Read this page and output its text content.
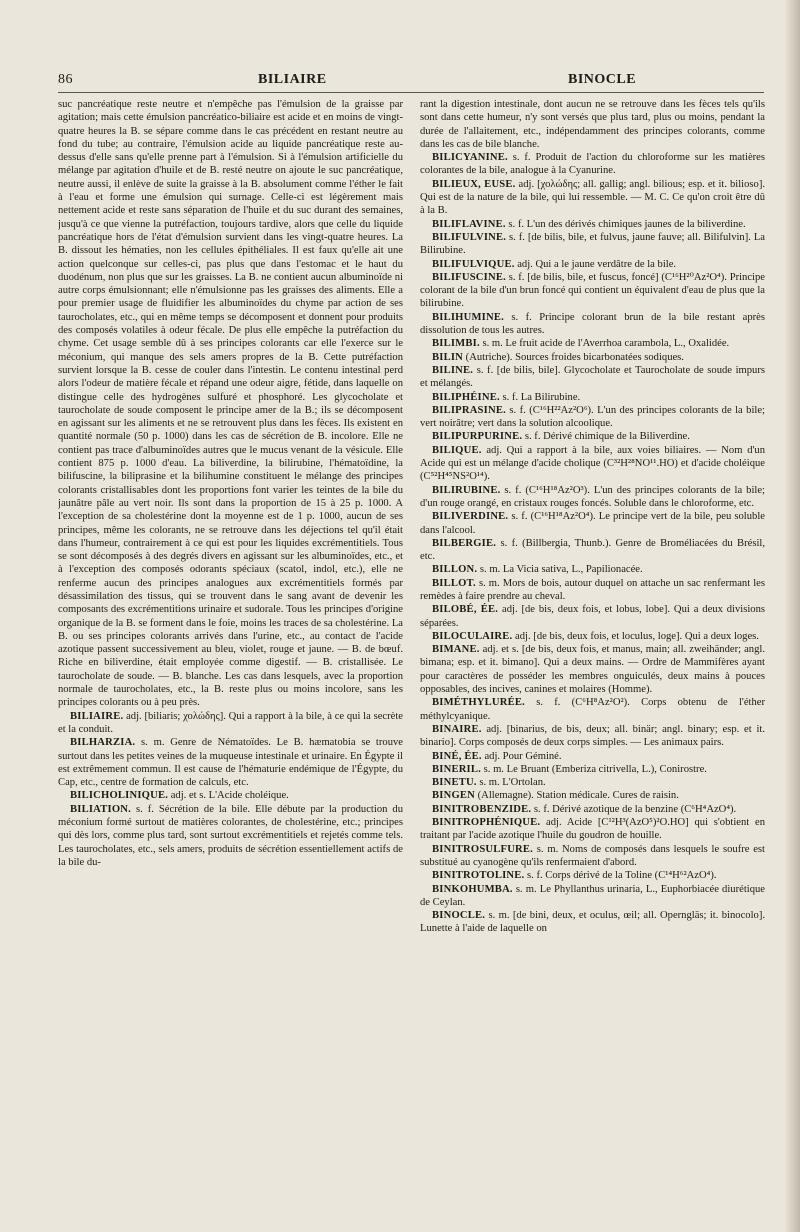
86	BILIAIRE	BINOCLE

suc pancréatique reste neutre et n'empêche pas l'émulsion de la graisse par agitation; mais cette émulsion pancréatico-biliaire est acide et en moins de vingt-quatre heures la B. se sépare comme dans le cas précédent en restant neutre au fond du tube; au contraire, l'émulsion acide au liquide pancréatique reste au-dessus d'elle sans qu'elle prenne part à l'émulsion. Si à l'émulsion artificielle du mélange par agitation d'huile et de B. resté neutre on ajoute le suc pancréatique, neutre aussi, il enlève de suite la graisse à la B. absolument comme l'éther le fait à l'eau et forme une émulsion qui surnage. Celle-ci est légèrement mais nettement acide et reste sans séparation de l'huile et du suc durant des semaines, jusqu'à ce que vienne la putréfaction, toujours tardive, alors que celle du liquide pancréatique hors de l'état d'émulsion survient dans les vingt-quatre heures. La B. dissout les hématies, non les cellules épithéliales. Il est faux qu'elle ait une action quelconque sur celles-ci, pas plus que dans l'estomac et le haut du duodénum, non plus que sur les graisses. La B. ne contient aucun albuminoïde ni autre corps émulsionnant; elle n'émulsionne pas les graisses des aliments. Elle a pour premier usage de fluidifier les albuminoïdes du chyme par action de ses taurocholates, etc., qui en même temps se décomposent et donnent pour produits des composés volatiles à odeur fécale. De plus elle empêche la putréfaction du chyme. Cet usage semble dû à ses principes colorants car elle l'exerce sur le méconium, qui manque des sels amers propres de la B. Cette putréfaction survient lorsque la B. cesse de couler dans l'intestin. Le contenu intestinal perd alors l'odeur de matière fécale et répand une odeur aigre, fétide, dans laquelle on distingue celle des hydrogènes sulfuré et phosphoré. Les glycocholate et taurocholate de soude composent le principe amer de la B.; ils se décomposent en agissant sur les aliments et ne se retrouvent plus dans les fèces. Ils existent en quantité normale (50 p. 1000) dans les cas de sécrétion de B. incolore. Elle ne contient pas trace d'albuminoïdes autres que le mucus venant de la vésicule. Elle contient 875 p. 1000 d'eau. La biliverdine, la bilirubine, l'hématoïdine, la bilifuscine, la biliprasine et la bilihumine constituent le mélange des principes colorants cristallisables dont les proportions font varier les teintes de la bile du jaunâtre pâle au vert noir. Ils sont dans la proportion de 15 à 25 p. 1000. A l'exception de sa cholestérine dont la moyenne est de 1 p. 1000, aucun de ses principes, même les colorants, ne se retrouve dans les déjections tel qu'il était dans l'humeur, contrairement à ce qui est pour les liquides excrémentitiels. Tous se sont décomposés à des degrés divers en agissant sur les albuminoïdes, etc., et à l'exception des composés odorants spéciaux (scatol, indol, etc.), elle ne renferme aucun des principes analogues aux excrémentitiels formés par désassimilation des tissus, qui se trouvent dans le sang avant de devenir les composants des excrémentitions urinaire et sudorale. Tous les principes d'origine organique de la B. se forment dans le foie, moins les traces de sa cholestérine. La B. ou ses principes colorants arrivés dans l'urine, etc., au contact de l'acide azotique passent successivement au bleu, violet, rouge et jaune. — B. de bœuf. Riche en biliverdine, était employée comme digestif. — B. cristallisée. Le taurocholate de soude. — B. blanche. Les cas dans lesquels, avec la proportion normale de taurocholates, etc., la B. reste plus ou moins incolore, sans les principes colorants ou à peu près.

BILIAIRE. adj. [biliaris; χολώδης]. Qui a rapport à la bile, à ce qui la secrète et la conduit.

BILHARZIA. s. m. Genre de Nématoïdes. Le B. hæmatobia se trouve surtout dans les petites veines de la muqueuse intestinale et urinaire. En Égypte il est extrêmement commun. Il est cause de l'hématurie endémique de l'Égypte, du Cap, etc., centre de formation de calculs, etc.

BILICHOLINIQUE. adj. et s. L'Acide choléique.

BILIATION. s. f. Sécrétion de la bile. Elle débute par la production du méconium formé surtout de matières colorantes, de cholestérine, etc.; principes qui dès lors, comme plus tard, sont surtout excrémentitiels et rejetés comme tels. Les taurocholates, etc., sels amers, produits de sécrétion essentiellement actifs de la bile du-

rant la digestion intestinale, dont aucun ne se retrouve dans les fèces tels qu'ils sont dans cette humeur, n'y sont versés que plus tard, plus ou moins, pendant la durée de l'allaitement, etc., indépendamment des principes colorants, comme dans les cas de bile blanche.

BILICYANINE. s. f. Produit de l'action du chloroforme sur les matières colorantes de la bile, analogue à la Cyanurine.

BILIEUX, EUSE. adj. [χολώδης; all. gallig; angl. bilious; esp. et it. bilioso]. Qui est de la nature de la bile, qui lui ressemble. — M. C. Ce qu'on croit être dû à la B.

BILIFLAVINE. s. f. L'un des dérivés chimiques jaunes de la biliverdine.

BILIFULVINE. s. f. [de bilis, bile, et fulvus, jaune fauve; all. Bilifulvin]. La Bilirubine.

BILIFULVIQUE. adj. Qui a le jaune verdâtre de la bile.

BILIFUSCINE. s. f. [de bilis, bile, et fuscus, foncé] (C¹⁶H²⁰Az²O⁴). Principe colorant de la bile d'un brun foncé qui contient un équivalent d'eau de plus que la bilirubine.

BILIHUMINE. s. f. Principe colorant brun de la bile restant après dissolution de tous les autres.

BILIMBI. s. m. Le fruit acide de l'Averrhoa carambola, L., Oxalidée.

BILIN (Autriche). Sources froides bicarbonatées sodiques.

BILINE. s. f. [de bilis, bile]. Glycocholate et Taurocholate de soude impurs et mélangés.

BILIPHÉINE. s. f. La Bilirubine.

BILIPRASINE. s. f. (C¹⁶H²²Az²O⁶). L'un des principes colorants de la bile; vert noirâtre; vert dans la solution alcoolique.

BILIPURPURINE. s. f. Dérivé chimique de la Biliverdine.

BILIQUE. adj. Qui a rapport à la bile, aux voies biliaires. — Nom d'un Acide qui est un mélange d'acide cholique (C³²H²⁸NO¹¹.HO) et d'acide choléique (C⁵²H⁴⁵NS²O¹⁴).

BILIRUBINE. s. f. (C¹⁶H¹⁸Az²O³). L'un des principes colorants de la bile; d'un rouge orangé, en cristaux rouges foncés. Soluble dans le chloroforme, etc.

BILIVERDINE. s. f. (C¹⁶H¹⁸Az²O⁴). Le principe vert de la bile, peu soluble dans l'alcool.

BILBERGIE. s. f. (Billbergia, Thunb.). Genre de Broméliacées du Brésil, etc.

BILLON. s. m. La Vicia sativa, L., Papilionacée.

BILLOT. s. m. Mors de bois, autour duquel on attache un sac renfermant les remèdes à faire prendre au cheval.

BILOBÉ, ÉE. adj. [de bis, deux fois, et lobus, lobe]. Qui a deux divisions séparées.

BILOCULAIRE. adj. [de bis, deux fois, et loculus, loge]. Qui a deux loges.

BIMANE. adj. et s. [de bis, deux fois, et manus, main; all. zweihänder; angl. bimana; esp. et it. bimano]. Qui a deux mains. — Ordre de Mammifères ayant pour caractères de posséder les membres onguiculés, deux mains à pouces opposables, des incives, canines et molaires (Homme).

BIMÉTHYLURÉE. s. f. (C⁶H⁸Az²O²). Corps obtenu de l'éther méthylcyanique.

BINAIRE. adj. [binarius, de bis, deux; all. binär; angl. binary; esp. et it. binario]. Corps composés de deux corps simples. — Les animaux pairs.

BINÉ, ÉE. adj. Pour Géminé.

BINERIL. s. m. Le Bruant (Emberiza citrivella, L.), Conirostre.

BINETU. s. m. L'Ortolan.

BINGEN (Allemagne). Station médicale. Cures de raisin.

BINITROBENZIDE. s. f. Dérivé azotique de la benzine (C⁶H⁴AzO⁴).

BINITROPHÉNIQUE. adj. Acide [C¹²H³(AzO⁵)²O.HO] qui s'obtient en traitant par l'acide azotique l'huile du goudron de houille.

BINITROSULFURE. s. m. Noms de composés dans lesquels le soufre est substitué au cyanogène qu'ils renfermaient d'abord.

BINITROTOLINE. s. f. Corps dérivé de la Toline (C¹⁴H⁶²AzO⁴).

BINKOHUMBA. s. m. Le Phyllanthus urinaria, L., Euphorbiacée diurétique de Ceylan.

BINOCLE. s. m. [de bini, deux, et oculus, œil; all. Operngläs; it. binocolo]. Lunette à l'aide de laquelle on
